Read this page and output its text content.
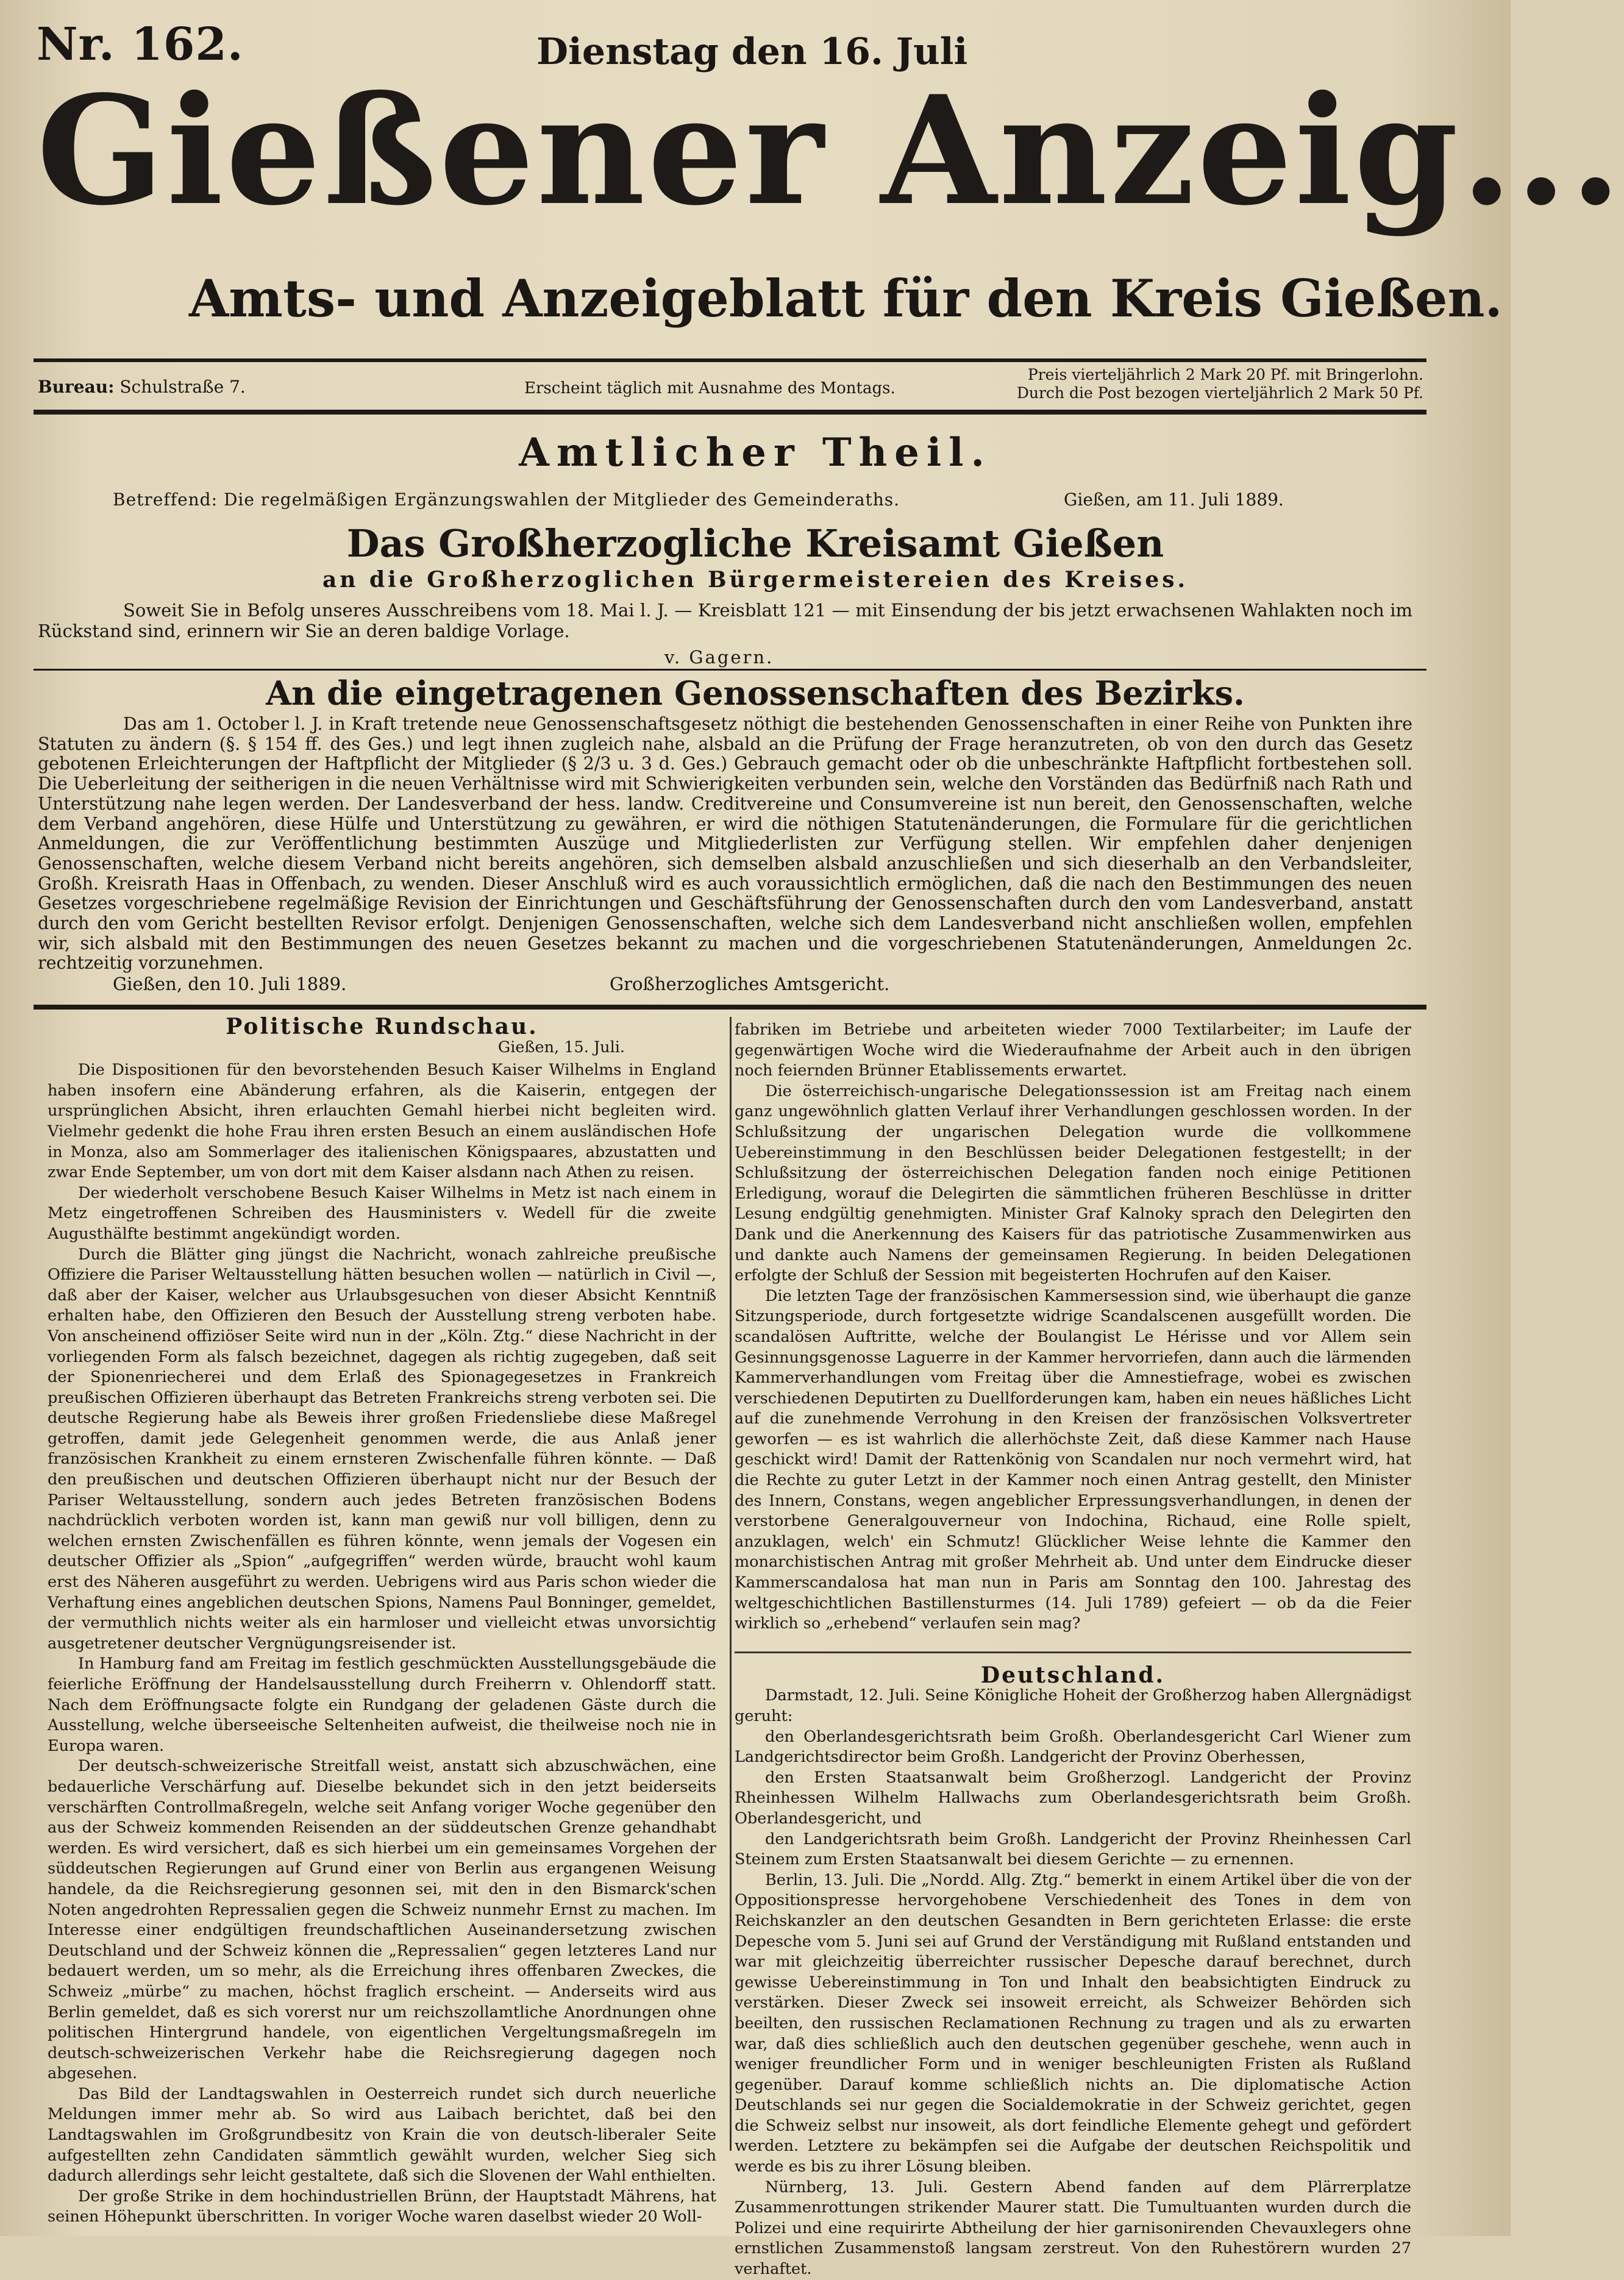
Nr. 162.	Dienstag den 16. Juli
Gießener Anzeig...
Amts- und Anzeigeblatt für den Kreis Gießen.
Bureau: Schulstraße 7.	Erscheint täglich mit Ausnahme des Montags.
Preis vierteljährlich 2 Mark 20 Pf. mit Bringerlohn.
Durch die Post bezogen vierteljährlich 2 Mark 50 Pf.
Amtlicher Theil.
Betreffend: Die regelmäßigen Ergänzungswahlen der Mitglieder des Gemeinderaths.	Gießen, am 11. Juli 1889.
Das Großherzogliche Kreisamt Gießen
an die Großherzoglichen Bürgermeistereien des Kreises.
Soweit Sie in Befolg unseres Ausschreibens vom 18. Mai l. J. — Kreisblatt 121 — mit Einsendung der bis jetzt erwachsenen Wahlakten noch im Rückstand sind, erinnern wir Sie an deren baldige Vorlage.
v. Gagern.
An die eingetragenen Genossenschaften des Bezirks.
Das am 1. October l. J. in Kraft tretende neue Genossenschaftsgesetz nöthigt die bestehenden Genossenschaften in einer Reihe von Punkten ihre Statuten zu ändern (§. § 154 ff. des Ges.) und legt ihnen zugleich nahe, alsbald an die Prüfung der Frage heranzutreten, ob von den durch das Gesetz gebotenen Erleichterungen der Haftpflicht der Mitglieder (§ 2/3 u. 3 d. Ges.) Gebrauch gemacht oder ob die unbeschränkte Haftpflicht fortbestehen soll. Die Ueberleitung der seitherigen in die neuen Verhältnisse wird mit Schwierigkeiten verbunden sein, welche den Vorständen das Bedürfniß nach Rath und Unterstützung nahe legen werden. Der Landesverband der hess. landw. Creditvereine und Consumvereine ist nun bereit, den Genossenschaften, welche dem Verband angehören, diese Hülfe und Unterstützung zu gewähren, er wird die nöthigen Statutenänderungen, die Formulare für die gerichtlichen Anmeldungen, die zur Veröffentlichung bestimmten Auszüge und Mitgliederlisten zur Verfügung stellen. Wir empfehlen daher denjenigen Genossenschaften, welche diesem Verband nicht bereits angehören, sich demselben alsbald anzuschließen und sich dieserhalb an den Verbandsleiter, Großh. Kreisrath Haas in Offenbach, zu wenden. Dieser Anschluß wird es auch voraussichtlich ermöglichen, daß die nach den Bestimmungen des neuen Gesetzes vorgeschriebene regelmäßige Revision der Einrichtungen und Geschäftsführung der Genossenschaften durch den vom Landesverband, anstatt durch den vom Gericht bestellten Revisor erfolgt. Denjenigen Genossenschaften, welche sich dem Landesverband nicht anschließen wollen, empfehlen wir, sich alsbald mit den Bestimmungen des neuen Gesetzes bekannt zu machen und die vorgeschriebenen Statutenänderungen, Anmeldungen 2c. rechtzeitig vorzunehmen.
Gießen, den 10. Juli 1889.	Großherzogliches Amtsgericht.

Politische Rundschau.

Gießen, 15. Juli.

Die Dispositionen für den bevorstehenden Besuch Kaiser Wilhelms in England haben insofern eine Abänderung erfahren, als die Kaiserin, entgegen der ursprünglichen Absicht, ihren erlauchten Gemahl hierbei nicht begleiten wird. Vielmehr gedenkt die hohe Frau ihren ersten Besuch an einem ausländischen Hofe in Monza, also am Sommerlager des italienischen Königspaares, abzustatten und zwar Ende September, um von dort mit dem Kaiser alsdann nach Athen zu reisen.

Der wiederholt verschobene Besuch Kaiser Wilhelms in Metz ist nach einem in Metz eingetroffenen Schreiben des Hausministers v. Wedell für die zweite Augusthälfte bestimmt angekündigt worden.

Durch die Blätter ging jüngst die Nachricht, wonach zahlreiche preußische Offiziere die Pariser Weltausstellung hätten besuchen wollen — natürlich in Civil —, daß aber der Kaiser, welcher aus Urlaubsgesuchen von dieser Absicht Kenntniß erhalten habe, den Offizieren den Besuch der Ausstellung streng verboten habe. Von anscheinend offiziöser Seite wird nun in der „Köln. Ztg.“ diese Nachricht in der vorliegenden Form als falsch bezeichnet, dagegen als richtig zugegeben, daß seit der Spionenriecherei und dem Erlaß des Spionagegesetzes in Frankreich preußischen Offizieren überhaupt das Betreten Frankreichs streng verboten sei. Die deutsche Regierung habe als Beweis ihrer großen Friedensliebe diese Maßregel getroffen, damit jede Gelegenheit genommen werde, die aus Anlaß jener französischen Krankheit zu einem ernsteren Zwischenfalle führen könnte. — Daß den preußischen und deutschen Offizieren überhaupt nicht nur der Besuch der Pariser Weltausstellung, sondern auch jedes Betreten französischen Bodens nachdrücklich verboten worden ist, kann man gewiß nur voll billigen, denn zu welchen ernsten Zwischenfällen es führen könnte, wenn jemals der Vogesen ein deutscher Offizier als „Spion“ „aufgegriffen“ werden würde, braucht wohl kaum erst des Näheren ausgeführt zu werden. Uebrigens wird aus Paris schon wieder die Verhaftung eines angeblichen deutschen Spions, Namens Paul Bonninger, gemeldet, der vermuthlich nichts weiter als ein harmloser und vielleicht etwas unvorsichtig ausgetretener deutscher Vergnügungsreisender ist.

In Hamburg fand am Freitag im festlich geschmückten Ausstellungsgebäude die feierliche Eröffnung der Handelsausstellung durch Freiherrn v. Ohlendorff statt. Nach dem Eröffnungsacte folgte ein Rundgang der geladenen Gäste durch die Ausstellung, welche überseeische Seltenheiten aufweist, die theilweise noch nie in Europa waren.

Der deutsch-schweizerische Streitfall weist, anstatt sich abzuschwächen, eine bedauerliche Verschärfung auf. Dieselbe bekundet sich in den jetzt beiderseits verschärften Controllmaßregeln, welche seit Anfang voriger Woche gegenüber den aus der Schweiz kommenden Reisenden an der süddeutschen Grenze gehandhabt werden. Es wird versichert, daß es sich hierbei um ein gemeinsames Vorgehen der süddeutschen Regierungen auf Grund einer von Berlin aus ergangenen Weisung handele, da die Reichsregierung gesonnen sei, mit den in den Bismarck'schen Noten angedrohten Repressalien gegen die Schweiz nunmehr Ernst zu machen. Im Interesse einer endgültigen freundschaftlichen Auseinandersetzung zwischen Deutschland und der Schweiz können die „Repressalien“ gegen letzteres Land nur bedauert werden, um so mehr, als die Erreichung ihres offenbaren Zweckes, die Schweiz „mürbe“ zu machen, höchst fraglich erscheint. — Anderseits wird aus Berlin gemeldet, daß es sich vorerst nur um reichszollamtliche Anordnungen ohne politischen Hintergrund handele, von eigentlichen Vergeltungsmaßregeln im deutsch-schweizerischen Verkehr habe die Reichsregierung dagegen noch abgesehen.

Das Bild der Landtagswahlen in Oesterreich rundet sich durch neuerliche Meldungen immer mehr ab. So wird aus Laibach berichtet, daß bei den Landtagswahlen im Großgrundbesitz von Krain die von deutsch-liberaler Seite aufgestellten zehn Candidaten sämmtlich gewählt wurden, welcher Sieg sich dadurch allerdings sehr leicht gestaltete, daß sich die Slovenen der Wahl enthielten.

Der große Strike in dem hochindustriellen Brünn, der Hauptstadt Mährens, hat seinen Höhepunkt überschritten. In voriger Woche waren daselbst wieder 20 Woll-

fabriken im Betriebe und arbeiteten wieder 7000 Textilarbeiter; im Laufe der gegenwärtigen Woche wird die Wiederaufnahme der Arbeit auch in den übrigen noch feiernden Brünner Etablissements erwartet.

Die österreichisch-ungarische Delegationssession ist am Freitag nach einem ganz ungewöhnlich glatten Verlauf ihrer Verhandlungen geschlossen worden. In der Schlußsitzung der ungarischen Delegation wurde die vollkommene Uebereinstimmung in den Beschlüssen beider Delegationen festgestellt; in der Schlußsitzung der österreichischen Delegation fanden noch einige Petitionen Erledigung, worauf die Delegirten die sämmtlichen früheren Beschlüsse in dritter Lesung endgültig genehmigten. Minister Graf Kalnoky sprach den Delegirten den Dank und die Anerkennung des Kaisers für das patriotische Zusammenwirken aus und dankte auch Namens der gemeinsamen Regierung. In beiden Delegationen erfolgte der Schluß der Session mit begeisterten Hochrufen auf den Kaiser.

Die letzten Tage der französischen Kammersession sind, wie überhaupt die ganze Sitzungsperiode, durch fortgesetzte widrige Scandalscenen ausgefüllt worden. Die scandalösen Auftritte, welche der Boulangist Le Hérisse und vor Allem sein Gesinnungsgenosse Laguerre in der Kammer hervorriefen, dann auch die lärmenden Kammerverhandlungen vom Freitag über die Amnestiefrage, wobei es zwischen verschiedenen Deputirten zu Duellforderungen kam, haben ein neues häßliches Licht auf die zunehmende Verrohung in den Kreisen der französischen Volksvertreter geworfen — es ist wahrlich die allerhöchste Zeit, daß diese Kammer nach Hause geschickt wird! Damit der Rattenkönig von Scandalen nur noch vermehrt wird, hat die Rechte zu guter Letzt in der Kammer noch einen Antrag gestellt, den Minister des Innern, Constans, wegen angeblicher Erpressungsverhandlungen, in denen der verstorbene Generalgouverneur von Indochina, Richaud, eine Rolle spielt, anzuklagen, welch' ein Schmutz! Glücklicher Weise lehnte die Kammer den monarchistischen Antrag mit großer Mehrheit ab. Und unter dem Eindrucke dieser Kammerscandalosa hat man nun in Paris am Sonntag den 100. Jahrestag des weltgeschichtlichen Bastillensturmes (14. Juli 1789) gefeiert — ob da die Feier wirklich so „erhebend“ verlaufen sein mag?

Deutschland.

Darmstadt, 12. Juli. Seine Königliche Hoheit der Großherzog haben Allergnädigst geruht:

den Oberlandesgerichtsrath beim Großh. Oberlandesgericht Carl Wiener zum Landgerichtsdirector beim Großh. Landgericht der Provinz Oberhessen,

den Ersten Staatsanwalt beim Großherzogl. Landgericht der Provinz Rheinhessen Wilhelm Hallwachs zum Oberlandesgerichtsrath beim Großh. Oberlandesgericht, und

den Landgerichtsrath beim Großh. Landgericht der Provinz Rheinhessen Carl Steinem zum Ersten Staatsanwalt bei diesem Gerichte — zu ernennen.

Berlin, 13. Juli. Die „Nordd. Allg. Ztg.“ bemerkt in einem Artikel über die von der Oppositionspresse hervorgehobene Verschiedenheit des Tones in dem von Reichskanzler an den deutschen Gesandten in Bern gerichteten Erlasse: die erste Depesche vom 5. Juni sei auf Grund der Verständigung mit Rußland entstanden und war mit gleichzeitig überreichter russischer Depesche darauf berechnet, durch gewisse Uebereinstimmung in Ton und Inhalt den beabsichtigten Eindruck zu verstärken. Dieser Zweck sei insoweit erreicht, als Schweizer Behörden sich beeilten, den russischen Reclamationen Rechnung zu tragen und als zu erwarten war, daß dies schließlich auch den deutschen gegenüber geschehe, wenn auch in weniger freundlicher Form und in weniger beschleunigten Fristen als Rußland gegenüber. Darauf komme schließlich nichts an. Die diplomatische Action Deutschlands sei nur gegen die Socialdemokratie in der Schweiz gerichtet, gegen die Schweiz selbst nur insoweit, als dort feindliche Elemente gehegt und gefördert werden. Letztere zu bekämpfen sei die Aufgabe der deutschen Reichspolitik und werde es bis zu ihrer Lösung bleiben.

Nürnberg, 13. Juli. Gestern Abend fanden auf dem Plärrerplatze Zusammenrottungen strikender Maurer statt. Die Tumultuanten wurden durch die Polizei und eine requirirte Abtheilung der hier garnisonirenden Chevauxlegers ohne ernstlichen Zusammenstoß langsam zerstreut. Von den Ruhestörern wurden 27 verhaftet.
